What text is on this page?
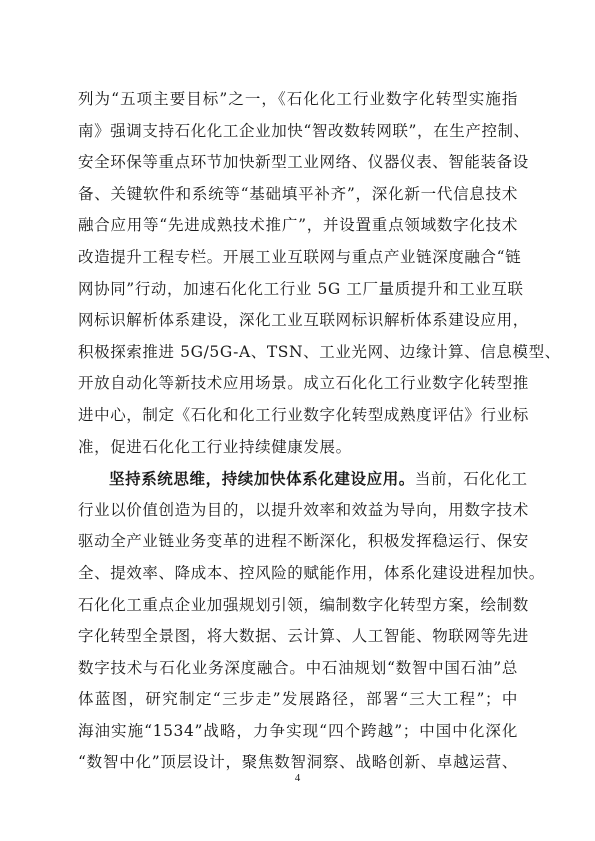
列为“五项主要目标”之一，《石化化工行业数字化转型实施指
南》强调支持石化化工企业加快“智改数转网联”，在生产控制、
安全环保等重点环节加快新型工业网络、仪器仪表、智能装备设
备、关键软件和系统等“基础填平补齐”，深化新一代信息技术
融合应用等“先进成熟技术推广”，并设置重点领域数字化技术
改造提升工程专栏。开展工业互联网与重点产业链深度融合“链
网协同”行动，加速石化化工行业 5G 工厂量质提升和工业互联
网标识解析体系建设，深化工业互联网标识解析体系建设应用，
积极探索推进 5G/5G-A、TSN、工业光网、边缘计算、信息模型、
开放自动化等新技术应用场景。成立石化化工行业数字化转型推
进中心，制定《石化和化工行业数字化转型成熟度评估》行业标
准，促进石化化工行业持续健康发展。
坚持系统思维，持续加快体系化建设应用。当前，石化化工
行业以价值创造为目的，以提升效率和效益为导向，用数字技术
驱动全产业链业务变革的进程不断深化，积极发挥稳运行、保安
全、提效率、降成本、控风险的赋能作用，体系化建设进程加快。
石化化工重点企业加强规划引领，编制数字化转型方案，绘制数
字化转型全景图，将大数据、云计算、人工智能、物联网等先进
数字技术与石化业务深度融合。中石油规划“数智中国石油”总
体蓝图，研究制定“三步走”发展路径，部署“三大工程”；中
海油实施“1534”战略，力争实现“四个跨越”；中国中化深化
“数智中化”顶层设计，聚焦数智洞察、战略创新、卓越运营、
4
